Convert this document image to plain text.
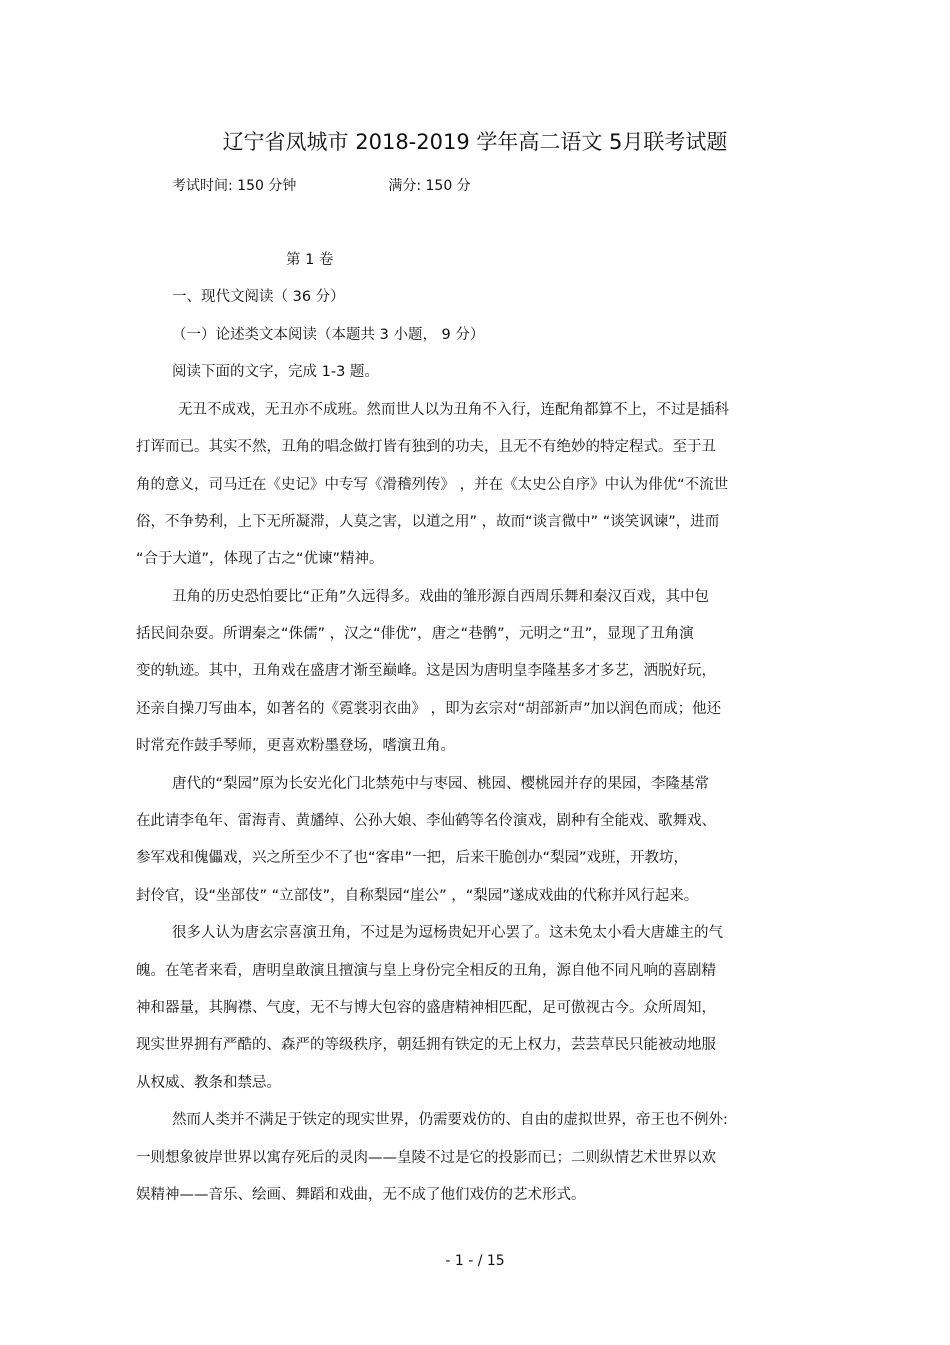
辽宁省凤城市 2018-2019 学年高二语文 5月联考试题
考试时间: 150 分钟	满分: 150 分
第 1 卷
一、现代文阅读（ 36 分）
（一）论述类文本阅读（本题共 3 小题， 9 分）
阅读下面的文字，完成 1-3 题。
无丑不成戏，无丑亦不成班。然而世人以为丑角不入行，连配角都算不上，不过是插科
打诨而已。其实不然，丑角的唱念做打皆有独到的功夫，且无不有绝妙的特定程式。至于丑
角的意义，司马迁在《史记》中专写《滑稽列传》 ，并在《太史公自序》中认为俳优“不流世
俗，不争势利，上下无所凝滞，人莫之害，以道之用” ，故而“谈言微中” “谈笑讽谏”，进而
“合于大道”，体现了古之“优谏”精神。
丑角的历史恐怕要比“正角”久远得多。戏曲的雏形源自西周乐舞和秦汉百戏，其中包
括民间杂耍。所谓秦之“侏儒” ，汉之“俳优”，唐之“巷鹘”，元明之“丑”，显现了丑角演
变的轨迹。其中，丑角戏在盛唐才渐至巅峰。这是因为唐明皇李隆基多才多艺，洒脱好玩，
还亲自操刀写曲本，如著名的《霓裳羽衣曲》 ，即为玄宗对“胡部新声”加以润色而成；他还
时常充作鼓手琴师，更喜欢粉墨登场，嗜演丑角。
唐代的“梨园”原为长安光化门北禁苑中与枣园、桃园、樱桃园并存的果园，李隆基常
在此请李龟年、雷海青、黄旙绰、公孙大娘、李仙鹤等名伶演戏，剧种有全能戏、歌舞戏、
参军戏和傀儡戏，兴之所至少不了也“客串”一把，后来干脆创办“梨园”戏班，开教坊，
封伶官，设“坐部伎” “立部伎”，自称梨园“崖公” ，“梨园”遂成戏曲的代称并风行起来。
很多人认为唐玄宗喜演丑角，不过是为逗杨贵妃开心罢了。这未免太小看大唐雄主的气
魄。在笔者来看，唐明皇敢演且擅演与皇上身份完全相反的丑角，源自他不同凡响的喜剧精
神和器量，其胸襟、气度，无不与博大包容的盛唐精神相匹配，足可傲视古今。众所周知，
现实世界拥有严酷的、森严的等级秩序，朝廷拥有铁定的无上权力，芸芸草民只能被动地服
从权威、教条和禁忌。
然而人类并不满足于铁定的现实世界，仍需要戏仿的、自由的虚拟世界，帝王也不例外:
一则想象彼岸世界以寓存死后的灵肉——皇陵不过是它的投影而已；二则纵情艺术世界以欢
娱精神——音乐、绘画、舞蹈和戏曲，无不成了他们戏仿的艺术形式。
- 1 - / 15
